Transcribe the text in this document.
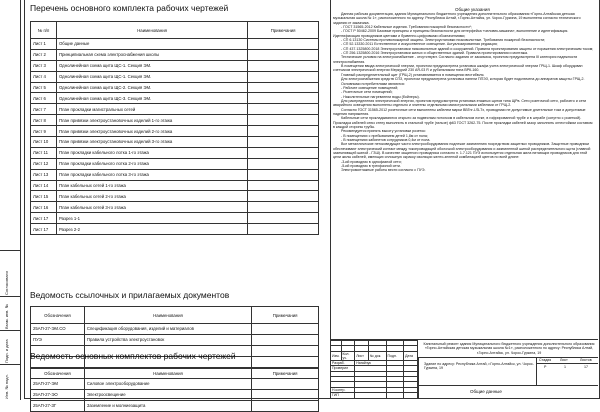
Согласовано
Взам. инв. №
Подп. и дата
Инв. № подл.
Перечень основного комплекта рабочих чертежей
№ п/п	Наименования	Примечания
Лист 1	Общие данные	
Лист 2	Принципиальная схема электроснабжения школы	
Лист 3	Однолинейная схема щита ЩС-1. Секция ЭМ.	
Лист 4	Однолинейная схема щита ЩС-1. Секция ЭМ.	
Лист 5	Однолинейная схема щита ЩС-2. Секция ЭМ.	
Лист 6	Однолинейная схема щита ЩС-3. Секция ЭМ.	
Лист 7	План прокладки магистральных сетей	
Лист 8	План привязки электроустановочных изделий 1-го этажа	
Лист 9	План привязки электроустановочных изделий 2-го этажа	
Лист 10	План привязки электроустановочных изделий 3-го этажа	
Лист 11	План прокладки кабельного лотка 1-го этажа	
Лист 12	План прокладки кабельного лотка 2-го этажа	
Лист 13	План прокладки кабельного лотка 3-го этажа	
Лист 14	План кабельных сетей 1-го этажа	
Лист 15	План кабельных сетей 2-го этажа	
Лист 16	План кабельных сетей 3-го этажа	
Лист 17	Разрез 1-1	
Лист 17	Разрез 2-2	
Ведомость ссылочных и прилагаемых документов
Обозначения	Наименования	Примечания
25АП-27-ЭМ.СО	Спецификация оборудования, изделий и материалов	
ПУЭ	Правила устройства электроустановок	

Ведомость основных комплектов рабочих чертежей
Обозначения	Наименования	Примечания
25АП-27-ЭМ	Силовое электрооборудование	
25АП-27-ЭО	Электроосвещение	
25АП-27-ЗГ	Заземление и молниезащита	
Общие указания

Данная рабочая документация, здания Муниципального бюджетного учреждения дополнительного образования «Горно-Алтайская детская музыкальная школа № 1», расположенного по адресу: Республика Алтай, г.Горно-Алтайск, ул. Чорос-Гуркина, 19 выполнена согласно технического задания от заказчика.

- ГОСТ 31565-2012 Кабельные изделия. Требования пожарной безопасности*;

- ГОСТ Р 50462-2009 Базовые принципы и принципы безопасности для интерфейса «человек-машина», выполнение и идентификация. Идентификация проводников цветами и буквенно-цифровыми обозначениями;

- СП 6.13130 Системы противопожарной защиты. Электроустановки низковольтные. Требования пожарной безопасности;

- СП 52.13330.2011 Естественное и искусственное освещение. Актуализированная редакция;

- СП 437.1325800.2018 Электроустановки низковольтные зданий и сооружений. Правила проектирования защиты от поражения электрическим током;

- СП 256.1325800.2016 Электроустановки жилых и общественных зданий. Правила проектирования и монтажа.

Технические условия на электроснабжение - отсутствуют. Согласно задания от заказчика, проектом предусмотрена III категория надежности электроснабжения.

В помещении ввода электрической энергии, проектом предусмотрена установка шкафа учета электрической энергии ГРЩ-1. Шкаф оборудован счетчиком электрической энергии Меркурий 230 АR-03 R и рубильником типа ВРК-160.

Главный распределительный щит (ГРЩ-2) устанавливается в помещении вестибюля.

Для электроснабжения средств СПЗ, проектом предусмотрена установка панели ППЭЗ, которая будет подключена до аппаратов защиты ГРЩ-2.

Основными потребителями являются:

- Рабочее освещение помещений;

- Розеточные сети помещений;

- Наколительные нагреватели воды (бойлеры).

Для распределения электрической энергии, проектом предусмотрена установка этажных щитов типа ЩРв. Сети розеточной сети, рабочего и сети аварийного освещения выполнены отдельно и элитены отдельными магистральными кабелями от ГРЩ-2.

Согласно ГОСТ 31565-2012 розеточные сети выполнены кабелем марки ВВГнг-LSLTx, проводники не допустимые длительные токи и допустимые падения напряжения.

Кабельные сети прокладываются открыто за подвесным потолком в кабельном лотке, в гофрированной трубе и в штрабе (сопутно с розеткой). Прокладка кабелей сеюз стену выполнить в стальной трубе (гильзе) ф63 ГОСТ 3262-75. После прокладки кабелей зазор заполнить огнестойким составом в каждой стороны трубы.

Рекомендуется принять высоту установки розеток:

- В помещениях с пребыванием детей 1,8м от пола;

- В помещениях кабинетов сотрудников 0,4м от пола.

Все металлические нетоковедущие части электрооборудования подлежат заземлению посредством защитных проводников. Защитные проводники обеспечивают электрический контакт между токопроводящей оболочкой электрооборудования и заземленной шиной распределительного щита (главной заземляющей шиной - ГЗШ). В качестве защитного проводника согласно п. 1.7.121 ПУЭ используется отдельная жила питающих проводников для этой цели жилы кабелей, имеющих сплошную окраску изоляции желто-зеленой комбинацией цветов по всей длине:

-3-ий проводник в однофазной сети;

-5-ий проводник в трехфазной сети.

Электромонтажные работы вести согласно с ПУЭ.

Изм.	Кол. уч.	Лист	№ док.	Подп.	Дата
Разраб.		Нагайчук			
Проверил					

Н.контр.					
ГИП					
Капитальный ремонт здания Муниципального бюджетного учреждения дополнительного образования «Горно-Алтайская детская музыкальная школа №1», расположенного по адресу: Республика Алтай, г.Горно-Алтайск, ул. Чорос-Гуркина, 19
Здание по адресу: Республика Алтай, г.Горно-Алтайск, ул. Чорос-Гуркина, 19
Стадия Лист	Листов
Р	1	17
Общие данные
